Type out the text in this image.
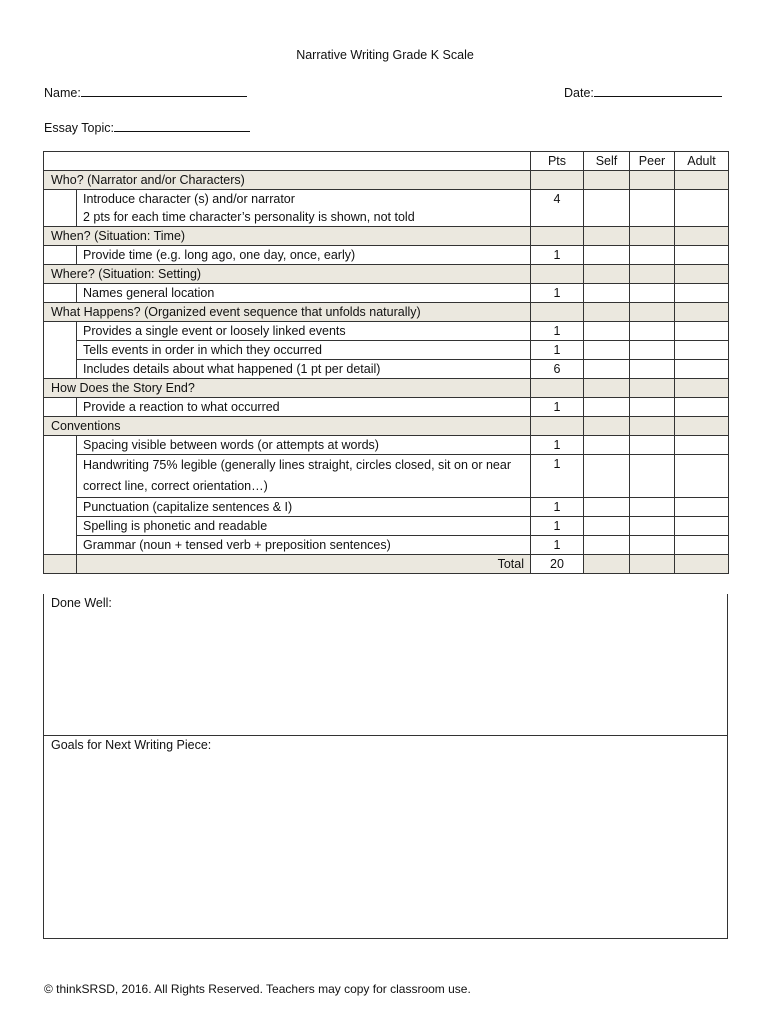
Narrative Writing Grade K Scale
Name:	Date:
Essay Topic:
		Pts	Self	Peer	Adult
Who? (Narrator and/or Characters)					
	Introduce character (s) and/or narrator
2 pts for each time character’s personality is shown, not told	4			
When? (Situation: Time)					
	Provide time (e.g. long ago, one day, once, early)	1			
Where? (Situation: Setting)					
	Names general location	1			
What Happens? (Organized event sequence that unfolds naturally)					
	Provides a single event or loosely linked events	1			
	Tells events in order in which they occurred	1			
	Includes details about what happened (1 pt per detail)	6			
How Does the Story End?					
	Provide a reaction to what occurred	1			
Conventions					
	Spacing visible between words (or attempts at words)	1			
	Handwriting 75% legible (generally lines straight, circles closed, sit on or near correct line, correct orientation…)	1			
	Punctuation (capitalize sentences & I)	1			
	Spelling is phonetic and readable	1			
	Grammar (noun + tensed verb + preposition sentences)	1			
	Total	20			
Done Well:
Goals for Next Writing Piece:
© thinkSRSD, 2016. All Rights Reserved. Teachers may copy for classroom use.
